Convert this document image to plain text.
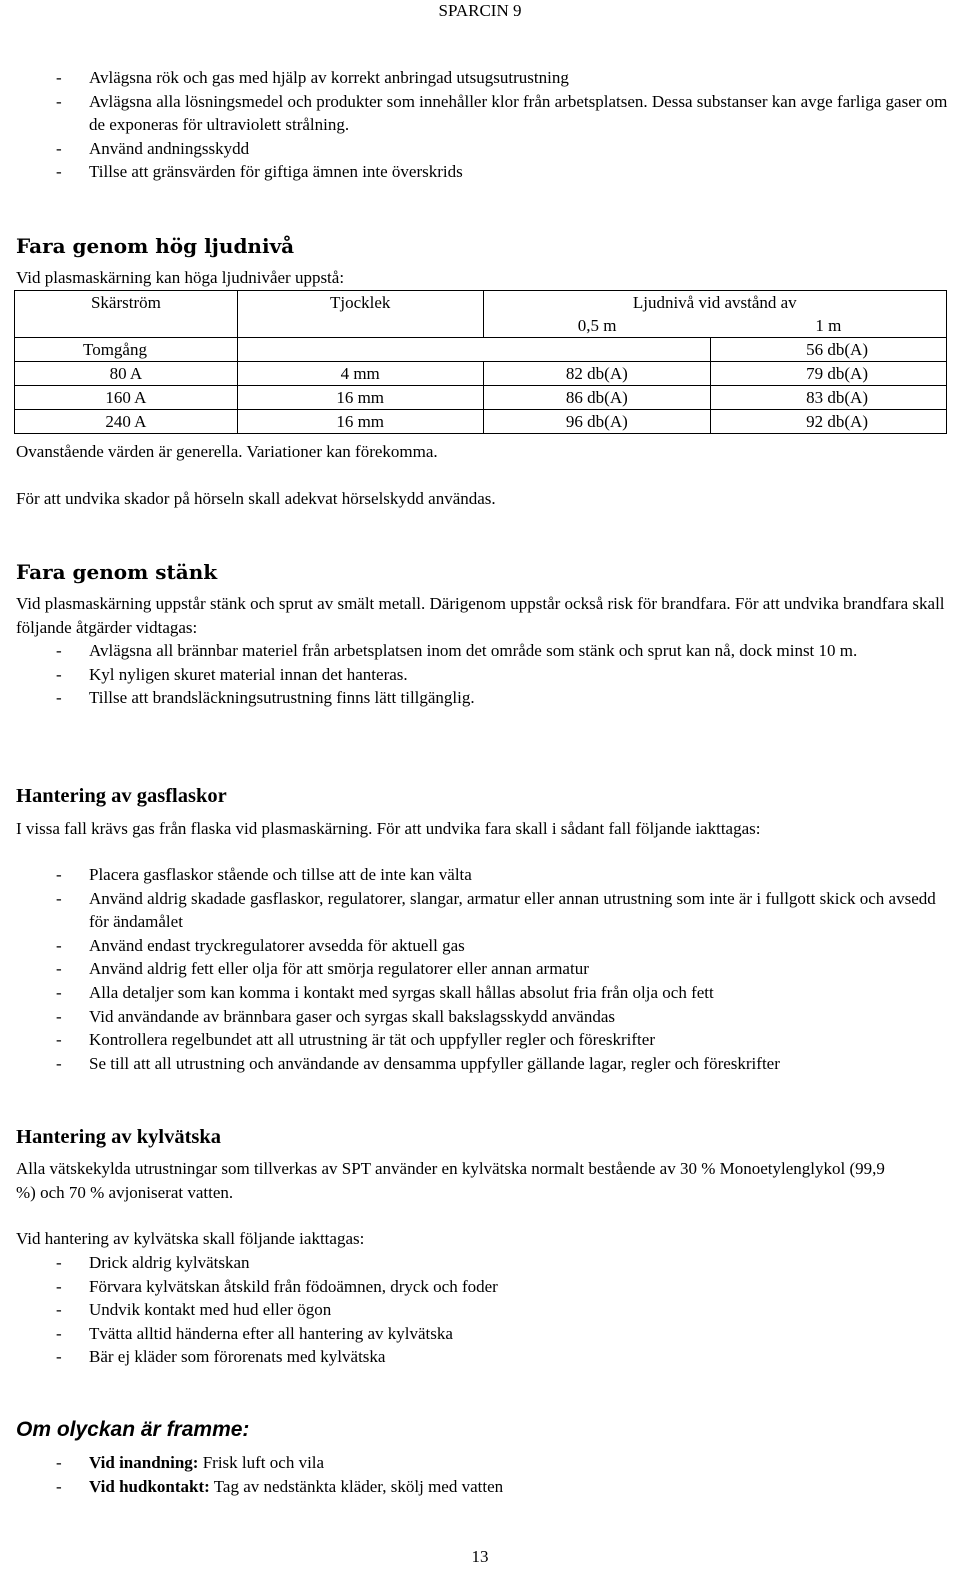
SPARCIN 9
- Avlägsna rök och gas med hjälp av korrekt anbringad utsugsutrustning
- Avlägsna alla lösningsmedel och produkter som innehåller klor från arbetsplatsen. Dessa substanser kan avge farliga gaser om de exponeras för ultraviolett strålning.
- Använd andningsskydd
- Tillse att gränsvärden för giftiga ämnen inte överskrids
Fara genom hög ljudnivå
Vid plasmaskärning kan höga ljudnivåer uppstå:
Skärström	Tjocklek	Ljudnivå vid avstånd av	
		0,5 m	1 m
Tomgång			56 db(A)
80 A	4 mm	82 db(A)	79 db(A)
160 A	16 mm	86 db(A)	83 db(A)
240 A	16 mm	96 db(A)	92 db(A)
Ovanstående värden är generella. Variationer kan förekomma.
För att undvika skador på hörseln skall adekvat hörselskydd användas.
Fara genom stänk
Vid plasmaskärning uppstår stänk och sprut av smält metall. Därigenom uppstår också risk för brandfara. För att undvika brandfara skall följande åtgärder vidtagas:
- Avlägsna all brännbar materiel från arbetsplatsen inom det område som stänk och sprut kan nå, dock minst 10 m.
- Kyl nyligen skuret material innan det hanteras.
- Tillse att brandsläckningsutrustning finns lätt tillgänglig.
Hantering av gasflaskor
I vissa fall krävs gas från flaska vid plasmaskärning. För att undvika fara skall i sådant fall följande iakttagas:
- Placera gasflaskor stående och tillse att de inte kan välta
- Använd aldrig skadade gasflaskor, regulatorer, slangar, armatur eller annan utrustning som inte är i fullgott skick och avsedd för ändamålet
- Använd endast tryckregulatorer avsedda för aktuell gas
- Använd aldrig fett eller olja för att smörja regulatorer eller annan armatur
- Alla detaljer som kan komma i kontakt med syrgas skall hållas absolut fria från olja och fett
- Vid användande av brännbara gaser och syrgas skall bakslagsskydd användas
- Kontrollera regelbundet att all utrustning är tät och uppfyller regler och föreskrifter
- Se till att all utrustning och användande av densamma uppfyller gällande lagar, regler och föreskrifter
Hantering av kylvätska
Alla vätskekylda utrustningar som tillverkas av SPT använder en kylvätska normalt bestående av 30 % Monoetylenglykol (99,9 %) och 70 % avjoniserat vatten.
Vid hantering av kylvätska skall följande iakttagas:
- Drick aldrig kylvätskan
- Förvara kylvätskan åtskild från födoämnen, dryck och foder
- Undvik kontakt med hud eller ögon
- Tvätta alltid händerna efter all hantering av kylvätska
- Bär ej kläder som förorenats med kylvätska
Om olyckan är framme:
- Vid inandning: Frisk luft och vila
- Vid hudkontakt: Tag av nedstänkta kläder, skölj med vatten
13
